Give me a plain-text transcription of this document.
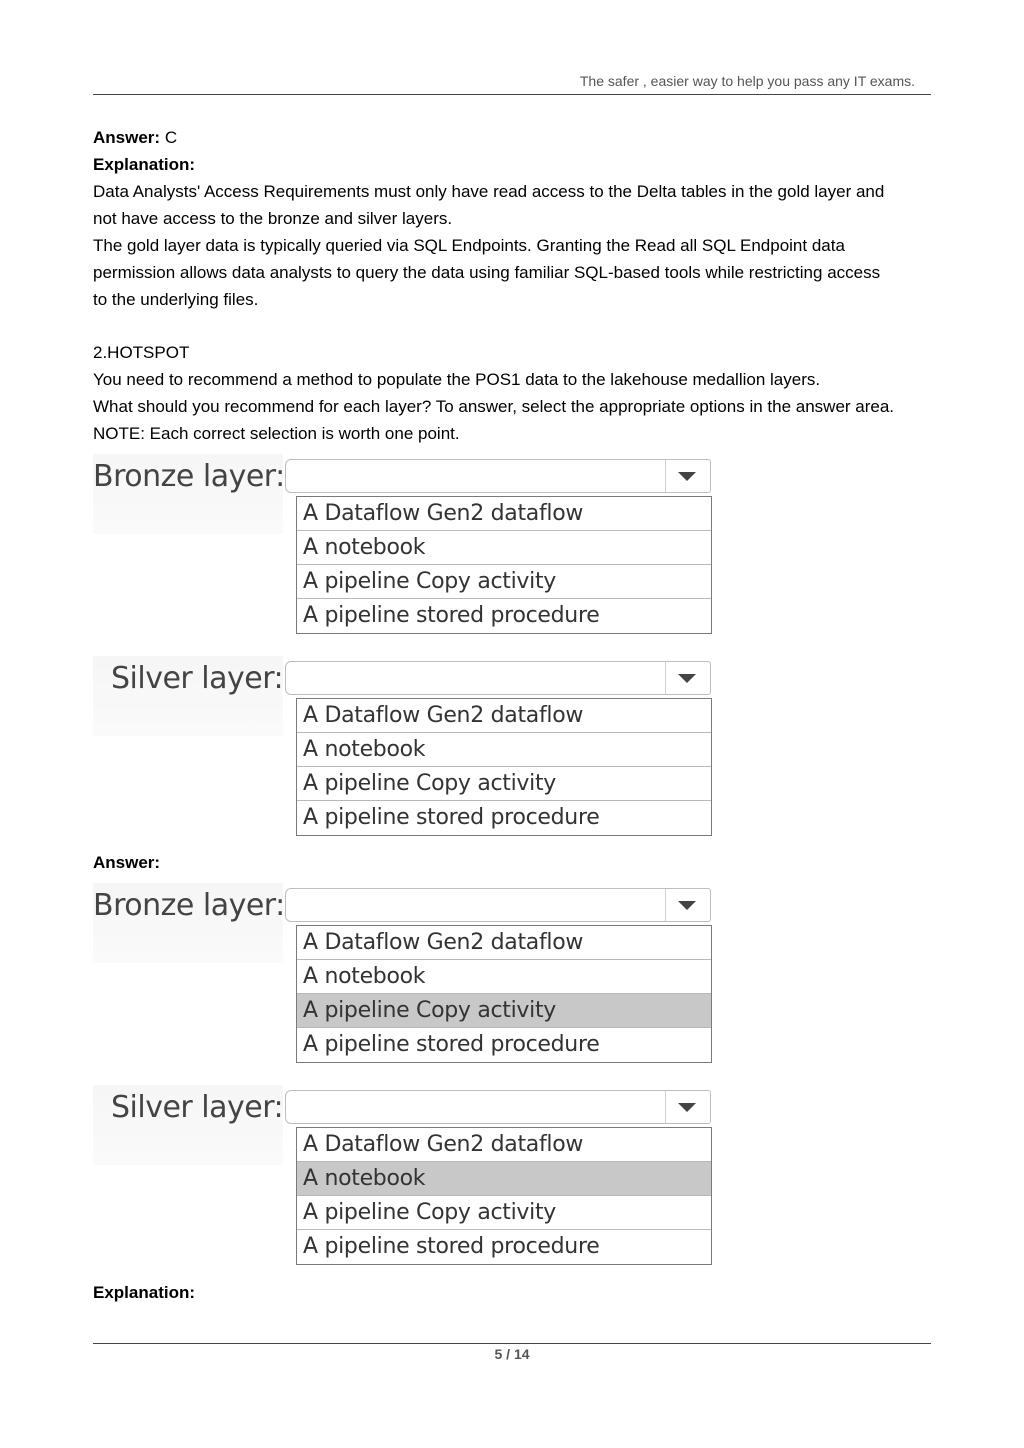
The safer , easier way to help you pass any IT exams.
Answer: C
Explanation:
Data Analysts' Access Requirements must only have read access to the Delta tables in the gold layer and
not have access to the bronze and silver layers.
The gold layer data is typically queried via SQL Endpoints. Granting the Read all SQL Endpoint data
permission allows data analysts to query the data using familiar SQL-based tools while restricting access
to the underlying files.
2.HOTSPOT
You need to recommend a method to populate the POS1 data to the lakehouse medallion layers.
What should you recommend for each layer? To answer, select the appropriate options in the answer area.
NOTE: Each correct selection is worth one point.
Bronze layer:
A Dataflow Gen2 dataflow
A notebook
A pipeline Copy activity
A pipeline stored procedure
Silver layer:
A Dataflow Gen2 dataflow
A notebook
A pipeline Copy activity
A pipeline stored procedure
Answer:
Bronze layer:
A Dataflow Gen2 dataflow
A notebook
A pipeline Copy activity
A pipeline stored procedure
Silver layer:
A Dataflow Gen2 dataflow
A notebook
A pipeline Copy activity
A pipeline stored procedure
Explanation:
5 / 14
